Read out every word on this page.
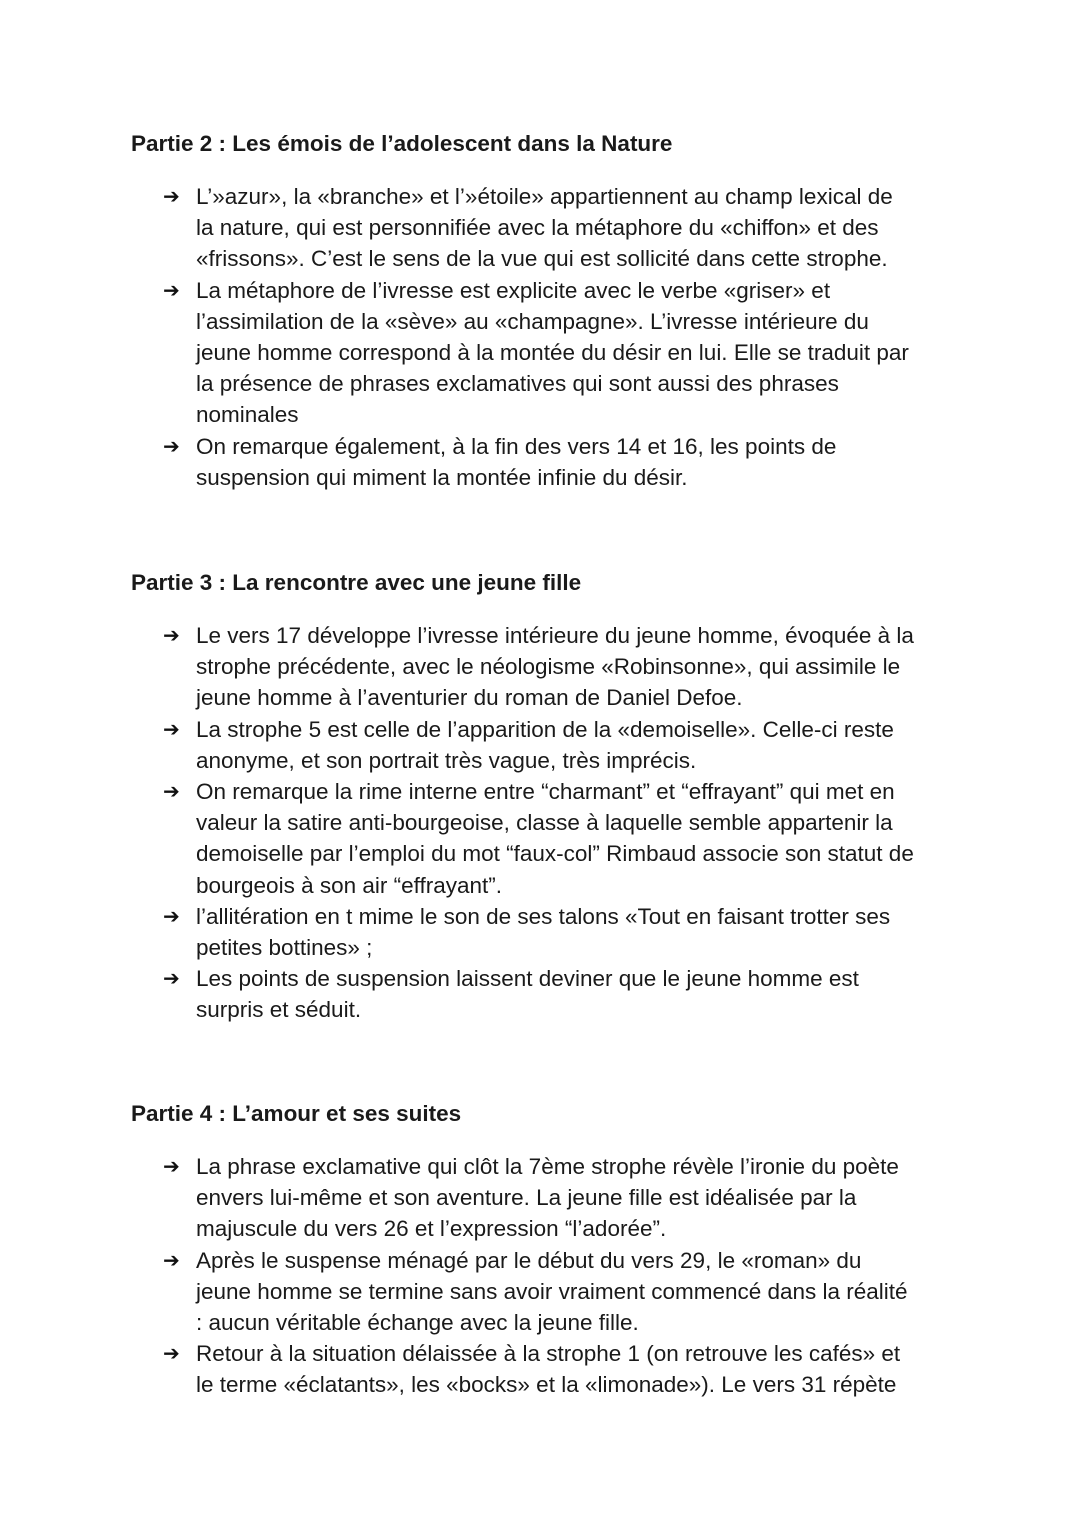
Partie 2 : Les émois de l’adolescent dans la Nature
➔ L’»azur», la «branche» et l’»étoile» appartiennent au champ lexical de
la nature, qui est personnifiée avec la métaphore du «chiffon» et des
«frissons». C’est le sens de la vue qui est sollicité dans cette strophe.
➔ La métaphore de l’ivresse est explicite avec le verbe «griser» et
l’assimilation de la «sève» au «champagne». L’ivresse intérieure du
jeune homme correspond à la montée du désir en lui. Elle se traduit par
la présence de phrases exclamatives qui sont aussi des phrases
nominales
➔ On remarque également, à la fin des vers 14 et 16, les points de
suspension qui miment la montée infinie du désir.
Partie 3 : La rencontre avec une jeune fille
➔ Le vers 17 développe l’ivresse intérieure du jeune homme, évoquée à la
strophe précédente, avec le néologisme «Robinsonne», qui assimile le
jeune homme à l’aventurier du roman de Daniel Defoe.
➔ La strophe 5 est celle de l’apparition de la «demoiselle». Celle-ci reste
anonyme, et son portrait très vague, très imprécis.
➔ On remarque la rime interne entre “charmant” et “effrayant” qui met en
valeur la satire anti-bourgeoise, classe à laquelle semble appartenir la
demoiselle par l’emploi du mot “faux-col” Rimbaud associe son statut de
bourgeois à son air “effrayant”.
➔ l’allitération en t mime le son de ses talons «Tout en faisant trotter ses
petites bottines» ;
➔ Les points de suspension laissent deviner que le jeune homme est
surpris et séduit.
Partie 4 : L’amour et ses suites
➔ La phrase exclamative qui clôt la 7ème strophe révèle l’ironie du poète
envers lui-même et son aventure. La jeune fille est idéalisée par la
majuscule du vers 26 et l’expression “l’adorée”.
➔ Après le suspense ménagé par le début du vers 29, le «roman» du
jeune homme se termine sans avoir vraiment commencé dans la réalité
: aucun véritable échange avec la jeune fille.
➔ Retour à la situation délaissée à la strophe 1 (on retrouve les cafés» et
le terme «éclatants», les «bocks» et la «limonade»). Le vers 31 répète
